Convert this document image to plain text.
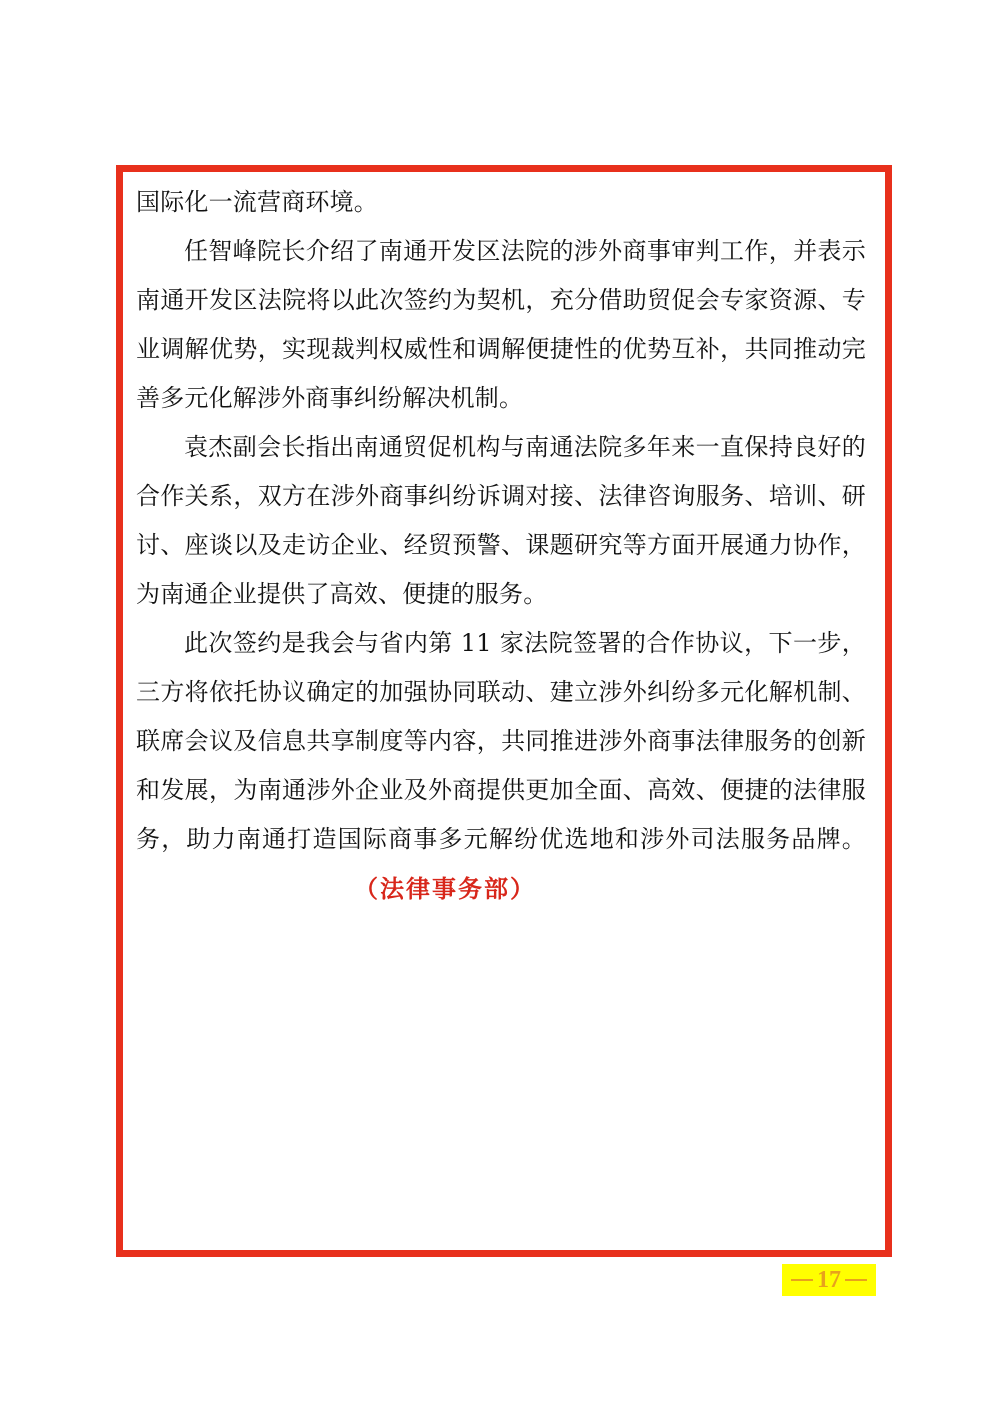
国际化一流营商环境。

任智峰院长介绍了南通开发区法院的涉外商事审判工作，并表示南通开发区法院将以此次签约为契机，充分借助贸促会专家资源、专业调解优势，实现裁判权威性和调解便捷性的优势互补，共同推动完善多元化解涉外商事纠纷解决机制。

袁杰副会长指出南通贸促机构与南通法院多年来一直保持良好的合作关系，双方在涉外商事纠纷诉调对接、法律咨询服务、培训、研讨、座谈以及走访企业、经贸预警、课题研究等方面开展通力协作，为南通企业提供了高效、便捷的服务。

此次签约是我会与省内第 11 家法院签署的合作协议，下一步，三方将依托协议确定的加强协同联动、建立涉外纠纷多元化解机制、联席会议及信息共享制度等内容，共同推进涉外商事法律服务的创新和发展，为南通涉外企业及外商提供更加全面、高效、便捷的法律服务，助力南通打造国际商事多元解纷优选地和涉外司法服务品牌。（法律事务部）

17
